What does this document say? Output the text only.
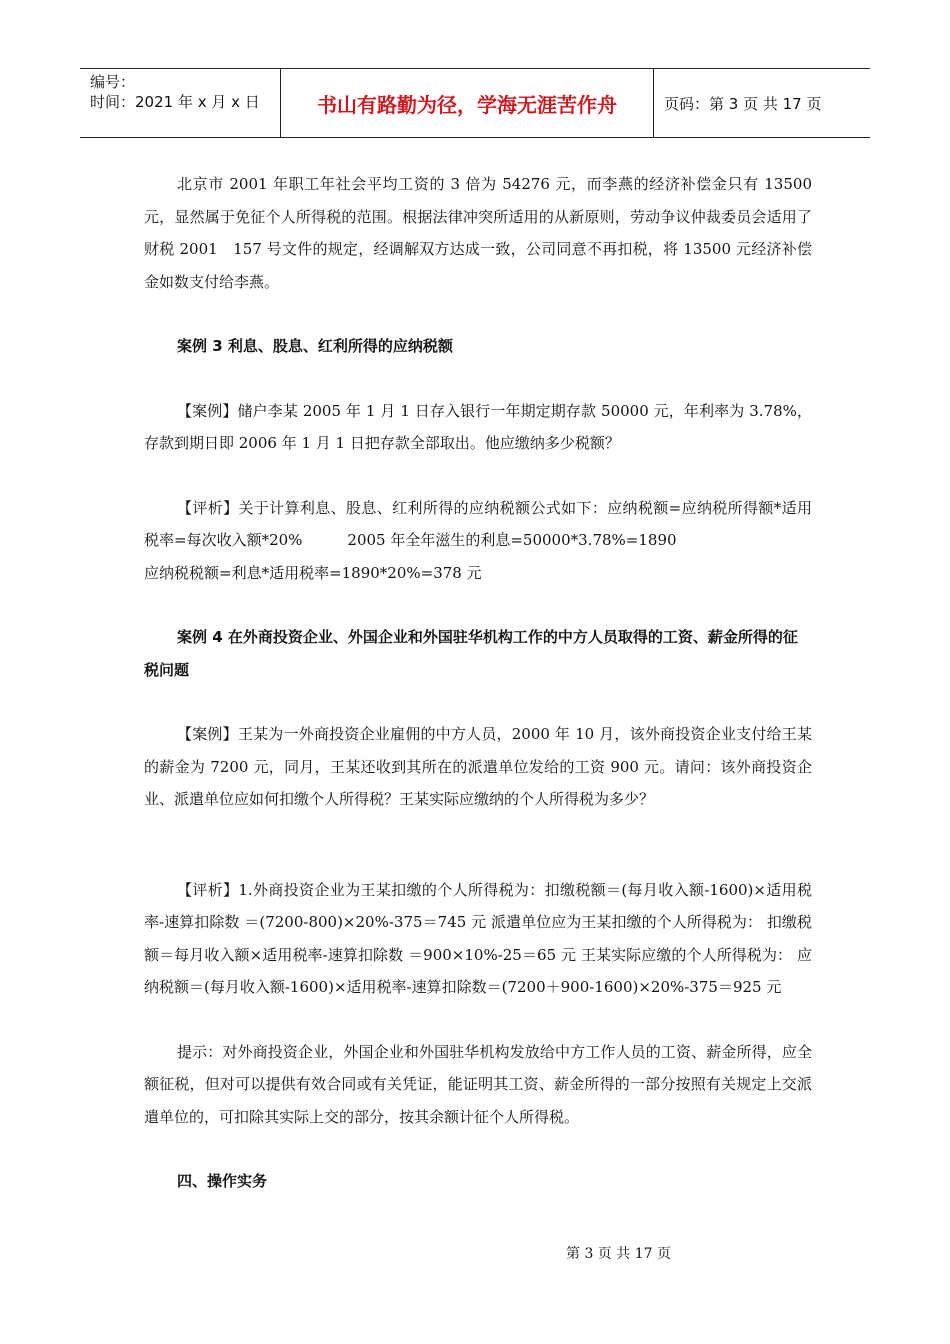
编号：
时间：2021 年 x 月 x 日	书山有路勤为径，学海无涯苦作舟	页码：第 3 页 共 17 页

北京市 2001 年职工年社会平均工资的 3 倍为 54276 元，而李燕的经济补偿金只有 13500 元，显然属于免征个人所得税的范围。根据法律冲突所适用的从新原则，劳动争议仲裁委员会适用了财税 2001　157 号文件的规定，经调解双方达成一致，公司同意不再扣税，将 13500 元经济补偿金如数支付给李燕。

案例 3 利息、股息、红利所得的应纳税额

【案例】储户李某 2005 年 1 月 1 日存入银行一年期定期存款 50000 元，年利率为 3.78%，存款到期日即 2006 年 1 月 1 日把存款全部取出。他应缴纳多少税额？

【评析】关于计算利息、股息、红利所得的应纳税额公式如下：应纳税额=应纳税所得额*适用税率=每次收入额*20%　　　2005 年全年滋生的利息=50000*3.78%=1890

应纳税税额=利息*适用税率=1890*20%=378 元

案例 4 在外商投资企业、外国企业和外国驻华机构工作的中方人员取得的工资、薪金所得的征税问题

【案例】王某为一外商投资企业雇佣的中方人员，2000 年 10 月，该外商投资企业支付给王某的薪金为 7200 元，同月，王某还收到其所在的派遣单位发给的工资 900 元。请问：该外商投资企业、派遣单位应如何扣缴个人所得税？王某实际应缴纳的个人所得税为多少？

【评析】1.外商投资企业为王某扣缴的个人所得税为：扣缴税额＝(每月收入额-1600)×适用税率-速算扣除数 ＝(7200-800)×20%-375＝745 元 派遣单位应为王某扣缴的个人所得税为： 扣缴税额＝每月收入额×适用税率-速算扣除数 ＝900×10%-25＝65 元 王某实际应缴的个人所得税为： 应纳税额＝(每月收入额-1600)×适用税率-速算扣除数＝(7200＋900-1600)×20%-375＝925 元

提示：对外商投资企业，外国企业和外国驻华机构发放给中方工作人员的工资、薪金所得，应全额征税，但对可以提供有效合同或有关凭证，能证明其工资、薪金所得的一部分按照有关规定上交派遣单位的，可扣除其实际上交的部分，按其余额计征个人所得税。

四、操作实务

第 3 页 共 17 页
